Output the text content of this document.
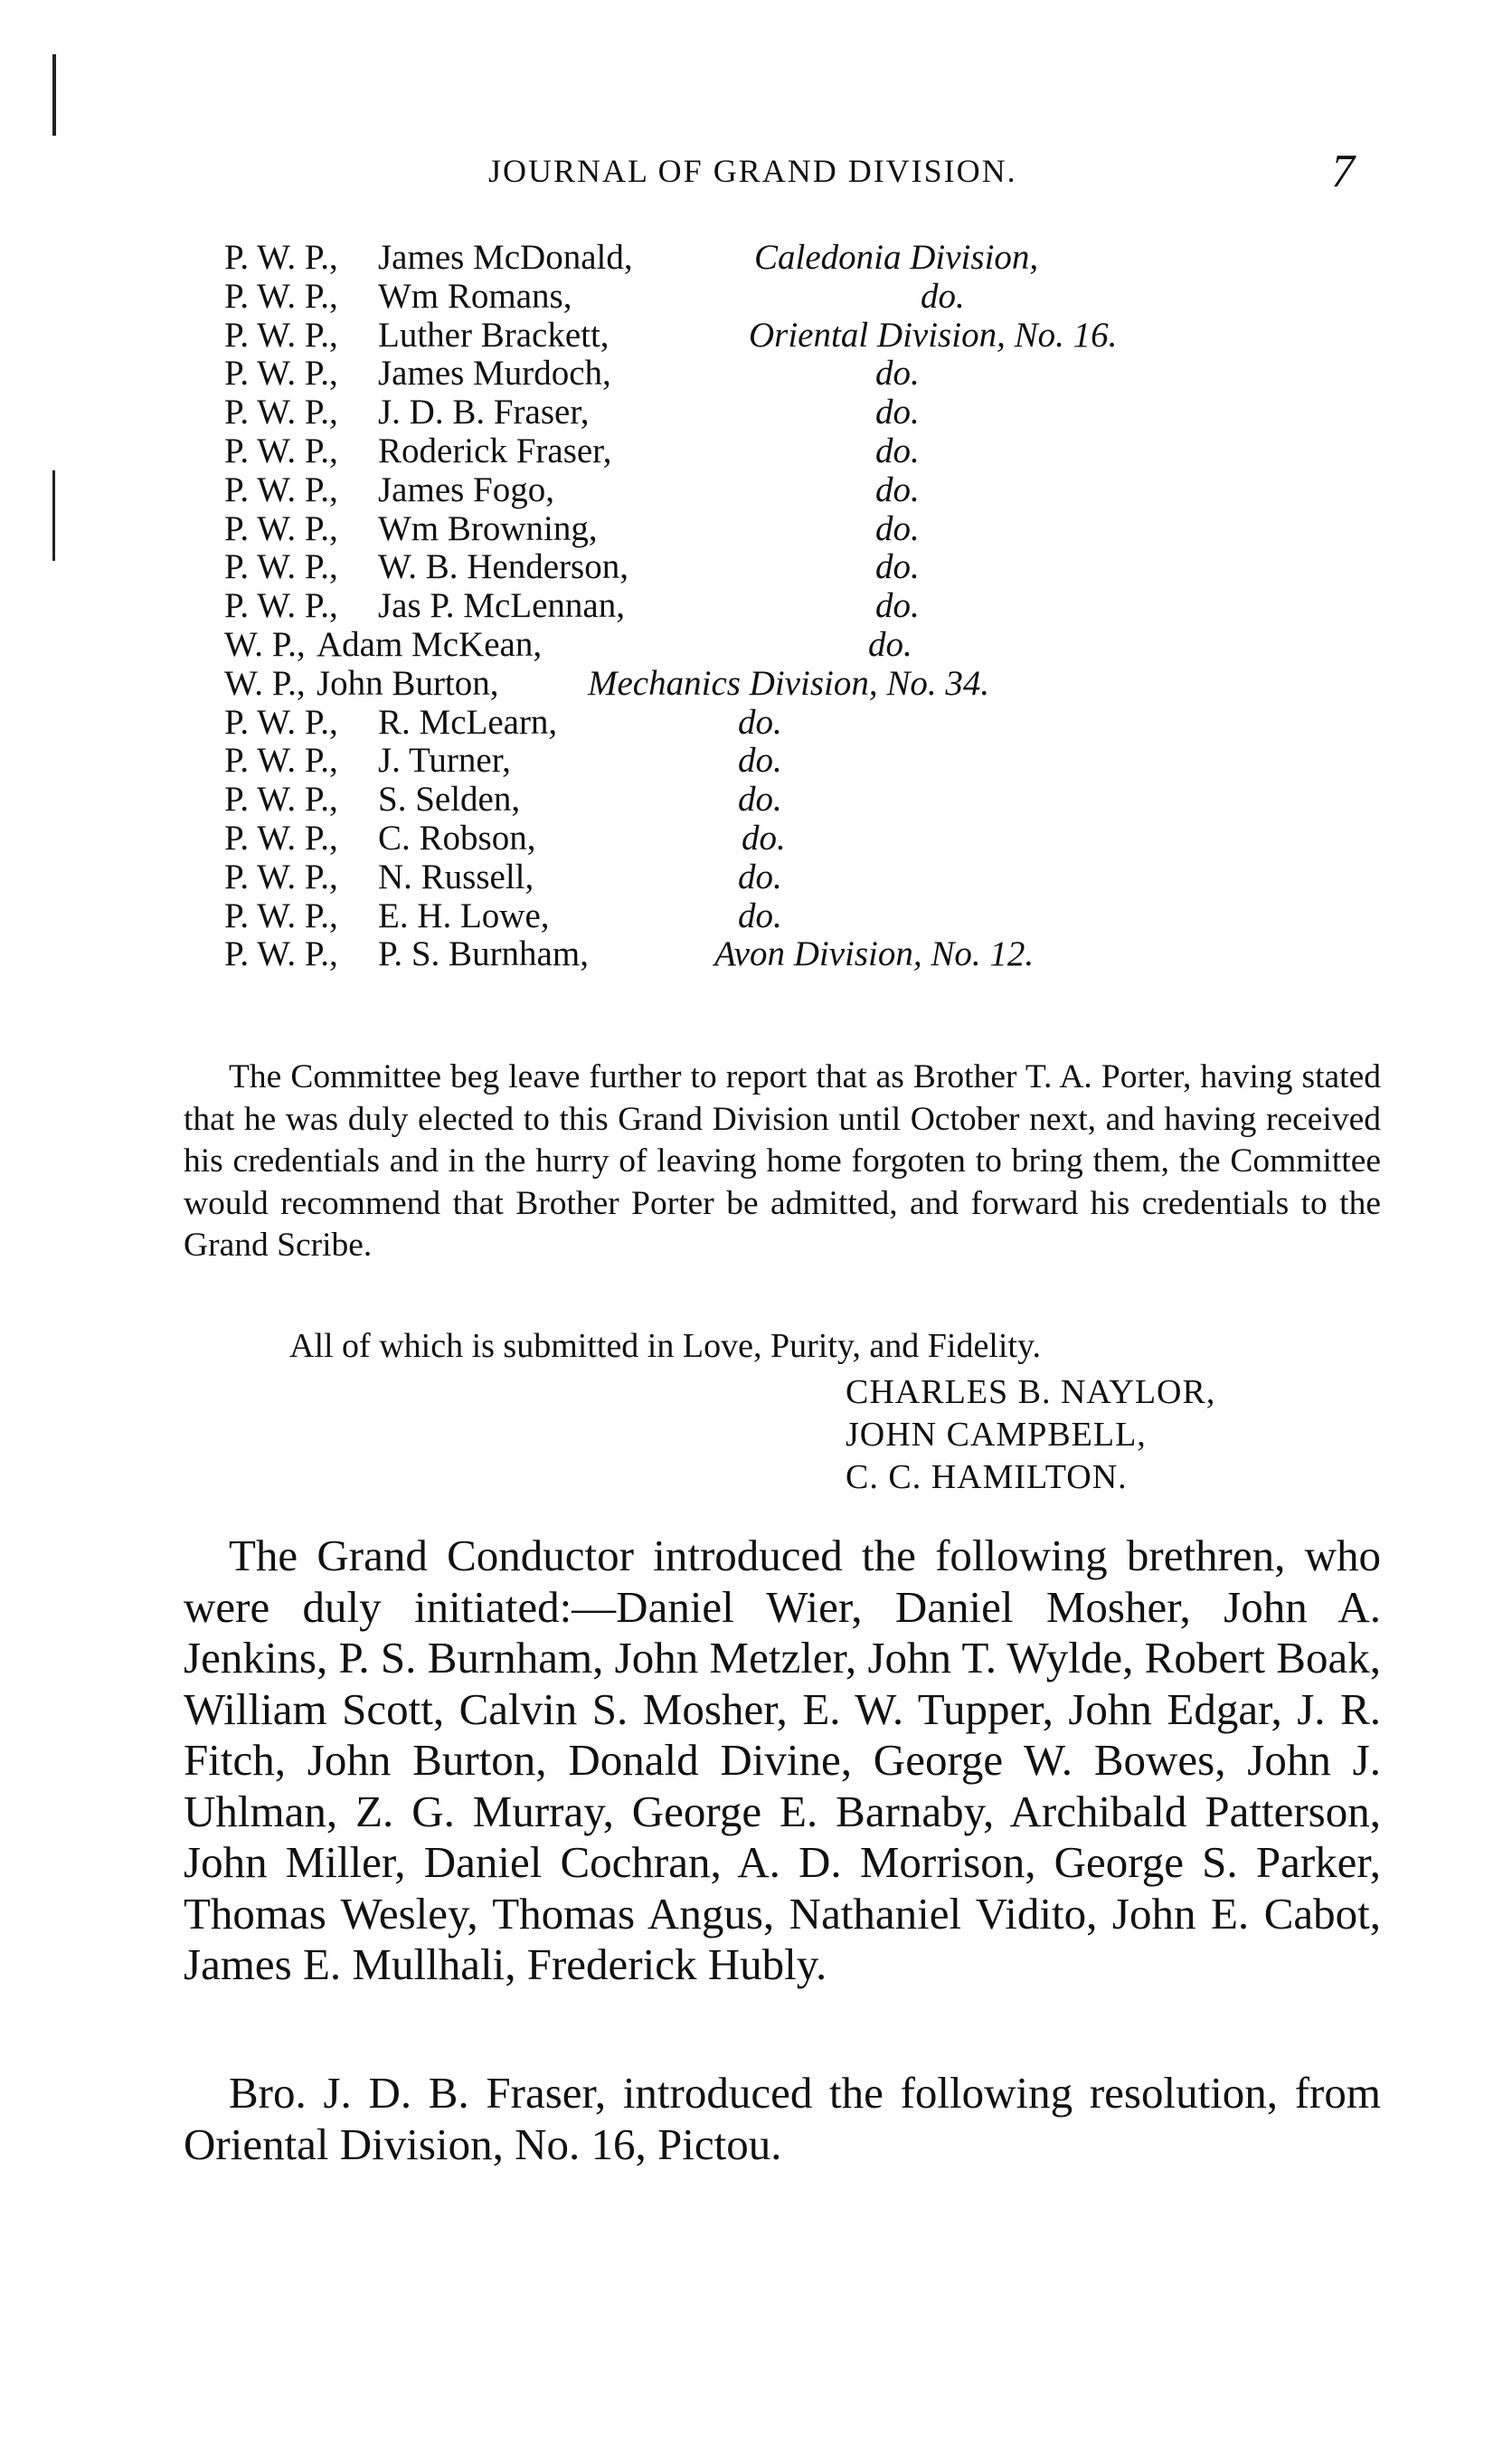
JOURNAL OF GRAND DIVISION.	7
P. W. P., James McDonald,	Caledonia Division,
P. W. P., Wm Romans,	do.
P. W. P., Luther Brackett,	Oriental Division, No. 16.
P. W. P., James Murdoch,	do.
P. W. P., J. D. B. Fraser,	do.
P. W. P., Roderick Fraser,	do.
P. W. P., James Fogo,	do.
P. W. P., Wm Browning,	do.
P. W. P., W. B. Henderson,	do.
P. W. P., Jas P. McLennan,	do.
W. P., Adam McKean,	do.
W. P., John Burton,	Mechanics Division, No. 34.
P. W. P., R. McLearn,	do.
P. W. P., J. Turner,	do.
P. W. P., S. Selden,	do.
P. W. P., C. Robson,	do.
P. W. P., N. Russell,	do.
P. W. P., E. H. Lowe,	do.
P. W. P., P. S. Burnham,	Avon Division, No. 12.
The Committee beg leave further to report that as Brother T. A. Porter, having stated that he was duly elected to this Grand Division until October next, and having received his credentials and in the hurry of leaving home forgoten to bring them, the Committee would recommend that Brother Porter be admitted, and forward his credentials to the Grand Scribe.
All of which is submitted in Love, Purity, and Fidelity.
CHARLES B. NAYLOR,
JOHN CAMPBELL,
C. C. HAMILTON.
The Grand Conductor introduced the following brethren, who were duly initiated:—Daniel Wier, Daniel Mosher, John A. Jenkins, P. S. Burnham, John Metzler, John T. Wylde, Robert Boak, William Scott, Calvin S. Mosher, E. W. Tupper, John Edgar, J. R. Fitch, John Burton, Donald Divine, George W. Bowes, John J. Uhlman, Z. G. Murray, George E. Barnaby, Archibald Patterson, John Miller, Daniel Cochran, A. D. Morrison, George S. Parker, Thomas Wesley, Thomas Angus, Nathaniel Vidito, John E. Cabot, James E. Mullhali, Frederick Hubly.
Bro. J. D. B. Fraser, introduced the following resolution, from Oriental Division, No. 16, Pictou.
